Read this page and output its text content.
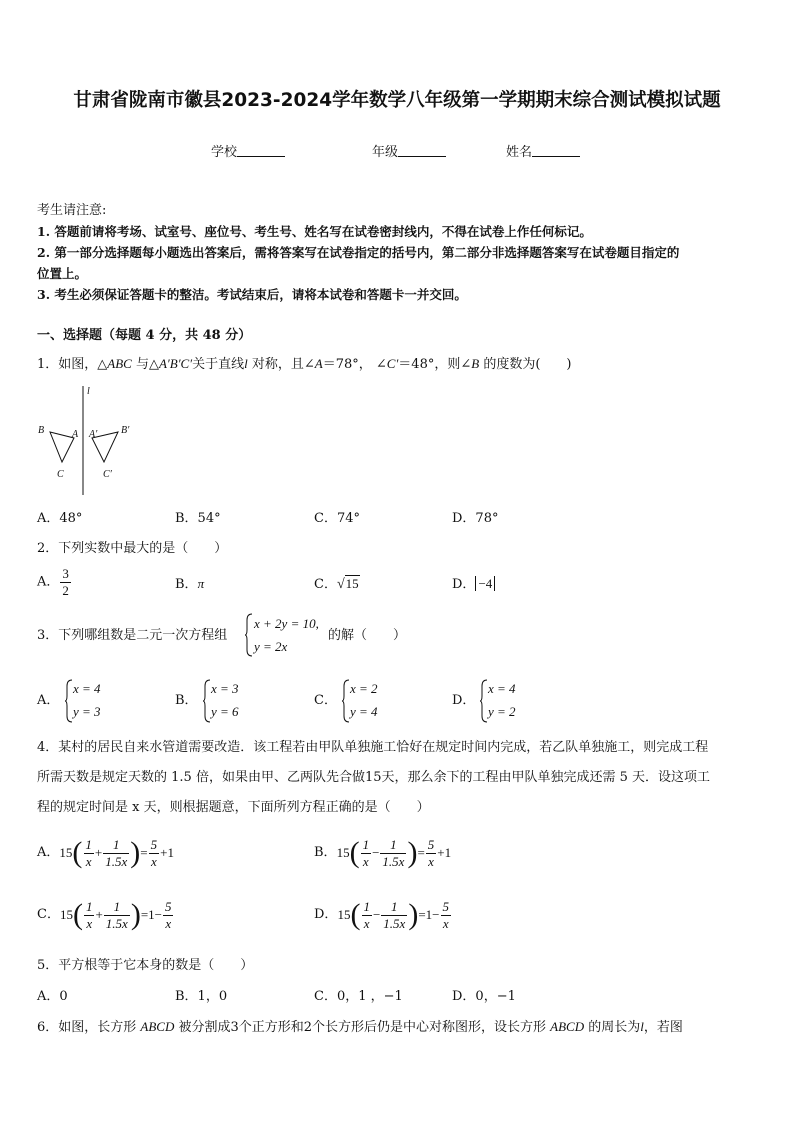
甘肃省陇南市徽县2023-2024学年数学八年级第一学期期末综合测试模拟试题
学校	年级	姓名
考生请注意:
1. 答题前请将考场、试室号、座位号、考生号、姓名写在试卷密封线内，不得在试卷上作任何标记。
2. 第一部分选择题每小题选出答案后，需将答案写在试卷指定的括号内，第二部分非选择题答案写在试卷题目指定的
位置上。
3. 考生必须保证答题卡的整洁。考试结束后，请将本试卷和答题卡一并交回。
一、选择题（每题 4 分，共 48 分）
1．如图，△ABC 与△A′B′C′关于直线l 对称，且∠A＝78°， ∠C′＝48°，则∠B 的度数为(　　)
l
B	A A′ B′
C	C′
A．48°	B．54°	C．74°	D．78°
2．下列实数中最大的是（　　）
A． $\frac{3}{2}$	B．π	C．√15	D． −4
3．下列哪组数是二元一次方程组
x + 2y = 10,
y = 2x
的解（　　）
A．
x = 4
y = 3
B．
x = 3
y = 6
C．
x = 2
y = 4
D．
x = 4
y = 2
4．某村的居民自来水管道需要改造．该工程若由甲队单独施工恰好在规定时间内完成，若乙队单独施工，则完成工程
所需天数是规定天数的 1.5 倍，如果由甲、乙两队先合做15天，那么余下的工程由甲队单独完成还需 5 天．设这项工
程的规定时间是 x 天，则根据题意，下面所列方程正确的是（　　）
A．$15( \frac{1}{x} + \frac{1}{1.5x}$ )= $\frac{5}{x} +1$	B．$15( \frac{1}{x} - \frac{1}{1.5x}$ )= $\frac{5}{x} +1$
C．$15( \frac{1}{x} + \frac{1}{1.5x} )=1- \frac{5}{x}$	D．$15( \frac{1}{x} - \frac{1}{1.5x} )=1- \frac{5}{x}$
5．平方根等于它本身的数是（　　）
A．0	B．1，0	C．0，1 ，−1	D．0，−1
6．如图，长方形 ABCD 被分割成3个正方形和2个长方形后仍是中心对称图形，设长方形 ABCD 的周长为l，若图
